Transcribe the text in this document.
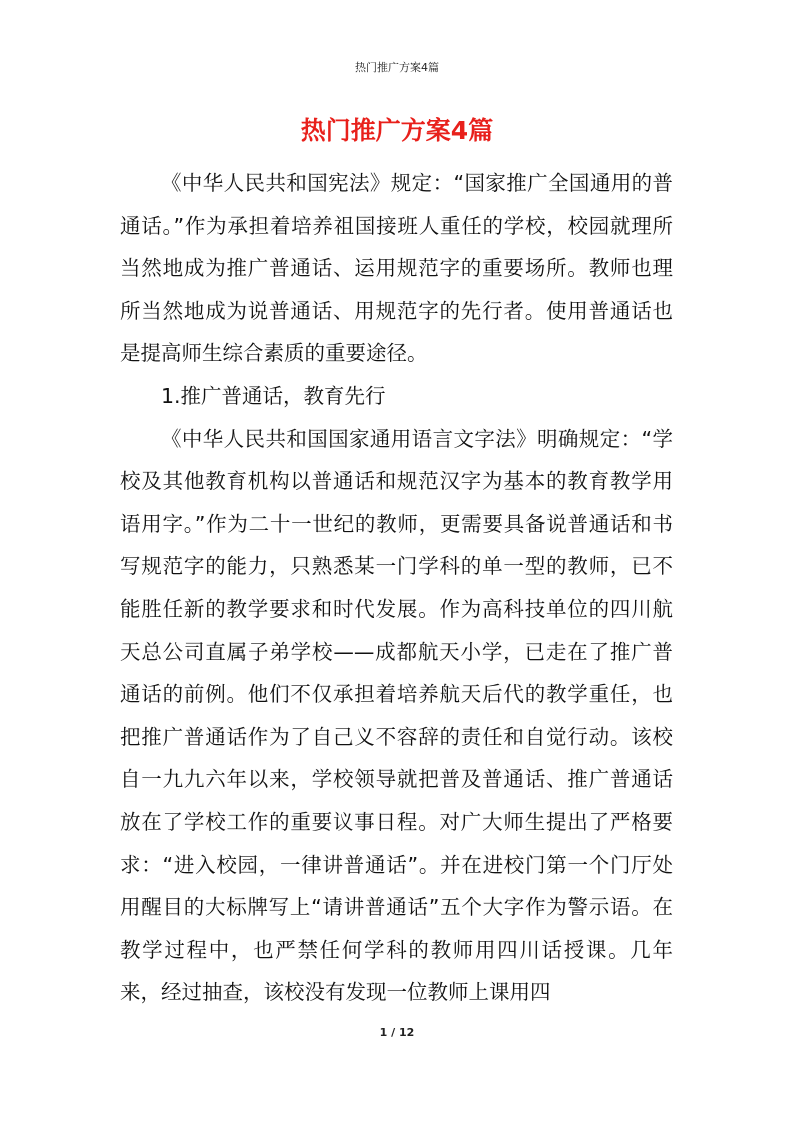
热门推广方案4篇
热门推广方案4篇

《中华人民共和国宪法》规定：“国家推广全国通用的普通话。”作为承担着培养祖国接班人重任的学校，校园就理所当然地成为推广普通话、运用规范字的重要场所。教师也理所当然地成为说普通话、用规范字的先行者。使用普通话也是提高师生综合素质的重要途径。

1.推广普通话，教育先行

《中华人民共和国国家通用语言文字法》明确规定：“学校及其他教育机构以普通话和规范汉字为基本的教育教学用语用字。”作为二十一世纪的教师，更需要具备说普通话和书写规范字的能力，只熟悉某一门学科的单一型的教师，已不能胜任新的教学要求和时代发展。作为高科技单位的四川航天总公司直属子弟学校——成都航天小学，已走在了推广普通话的前例。他们不仅承担着培养航天后代的教学重任，也把推广普通话作为了自己义不容辞的责任和自觉行动。该校自一九九六年以来，学校领导就把普及普通话、推广普通话放在了学校工作的重要议事日程。对广大师生提出了严格要求：“进入校园，一律讲普通话”。并在进校门第一个门厅处用醒目的大标牌写上“请讲普通话”五个大字作为警示语。在教学过程中，也严禁任何学科的教师用四川话授课。几年来，经过抽查，该校没有发现一位教师上课用四

1 / 12
